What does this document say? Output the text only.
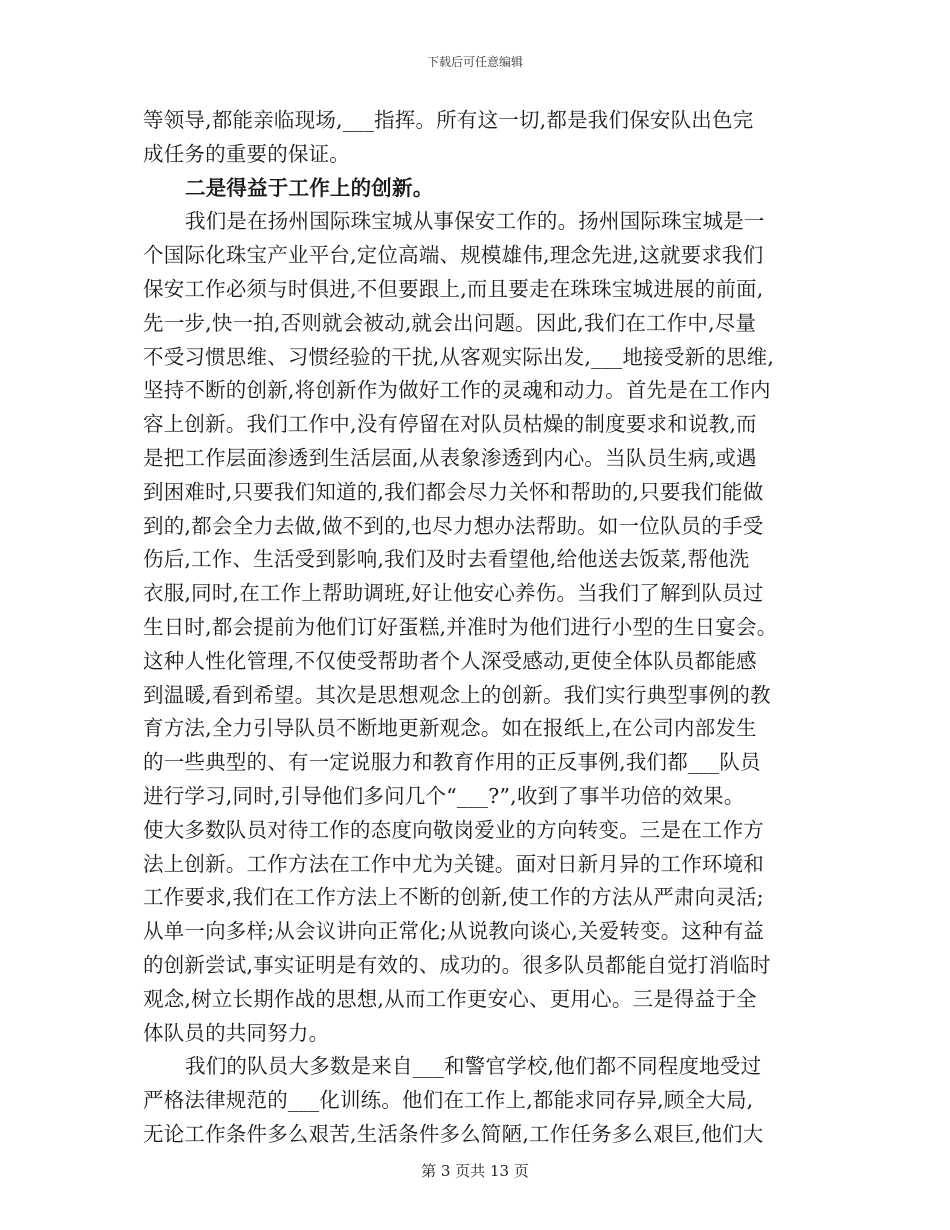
下载后可任意编辑
等领导,都能亲临现场,___指挥。所有这一切,都是我们保安队出色完
成任务的重要的保证。
二是得益于工作上的创新。
我们是在扬州国际珠宝城从事保安工作的。扬州国际珠宝城是一
个国际化珠宝产业平台,定位高端、规模雄伟,理念先进,这就要求我们
保安工作必须与时俱进,不但要跟上,而且要走在珠珠宝城进展的前面,
先一步,快一拍,否则就会被动,就会出问题。因此,我们在工作中,尽量
不受习惯思维、习惯经验的干扰,从客观实际出发,___地接受新的思维,
坚持不断的创新,将创新作为做好工作的灵魂和动力。首先是在工作内
容上创新。我们工作中,没有停留在对队员枯燥的制度要求和说教,而
是把工作层面渗透到生活层面,从表象渗透到内心。当队员生病,或遇
到困难时,只要我们知道的,我们都会尽力关怀和帮助的,只要我们能做
到的,都会全力去做,做不到的,也尽力想办法帮助。如一位队员的手受
伤后,工作、生活受到影响,我们及时去看望他,给他送去饭菜,帮他洗
衣服,同时,在工作上帮助调班,好让他安心养伤。当我们了解到队员过
生日时,都会提前为他们订好蛋糕,并准时为他们进行小型的生日宴会。
这种人性化管理,不仅使受帮助者个人深受感动,更使全体队员都能感
到温暖,看到希望。其次是思想观念上的创新。我们实行典型事例的教
育方法,全力引导队员不断地更新观念。如在报纸上,在公司内部发生
的一些典型的、有一定说服力和教育作用的正反事例,我们都___队员
进行学习,同时,引导他们多问几个“___?”,收到了事半功倍的效果。
使大多数队员对待工作的态度向敬岗爱业的方向转变。三是在工作方
法上创新。工作方法在工作中尤为关键。面对日新月异的工作环境和
工作要求,我们在工作方法上不断的创新,使工作的方法从严肃向灵活;
从单一向多样;从会议讲向正常化;从说教向谈心,关爱转变。这种有益
的创新尝试,事实证明是有效的、成功的。很多队员都能自觉打消临时
观念,树立长期作战的思想,从而工作更安心、更用心。三是得益于全
体队员的共同努力。
我们的队员大多数是来自___和警官学校,他们都不同程度地受过
严格法律规范的___化训练。他们在工作上,都能求同存异,顾全大局,
无论工作条件多么艰苦,生活条件多么简陋,工作任务多么艰巨,他们大
第 3 页共 13 页
